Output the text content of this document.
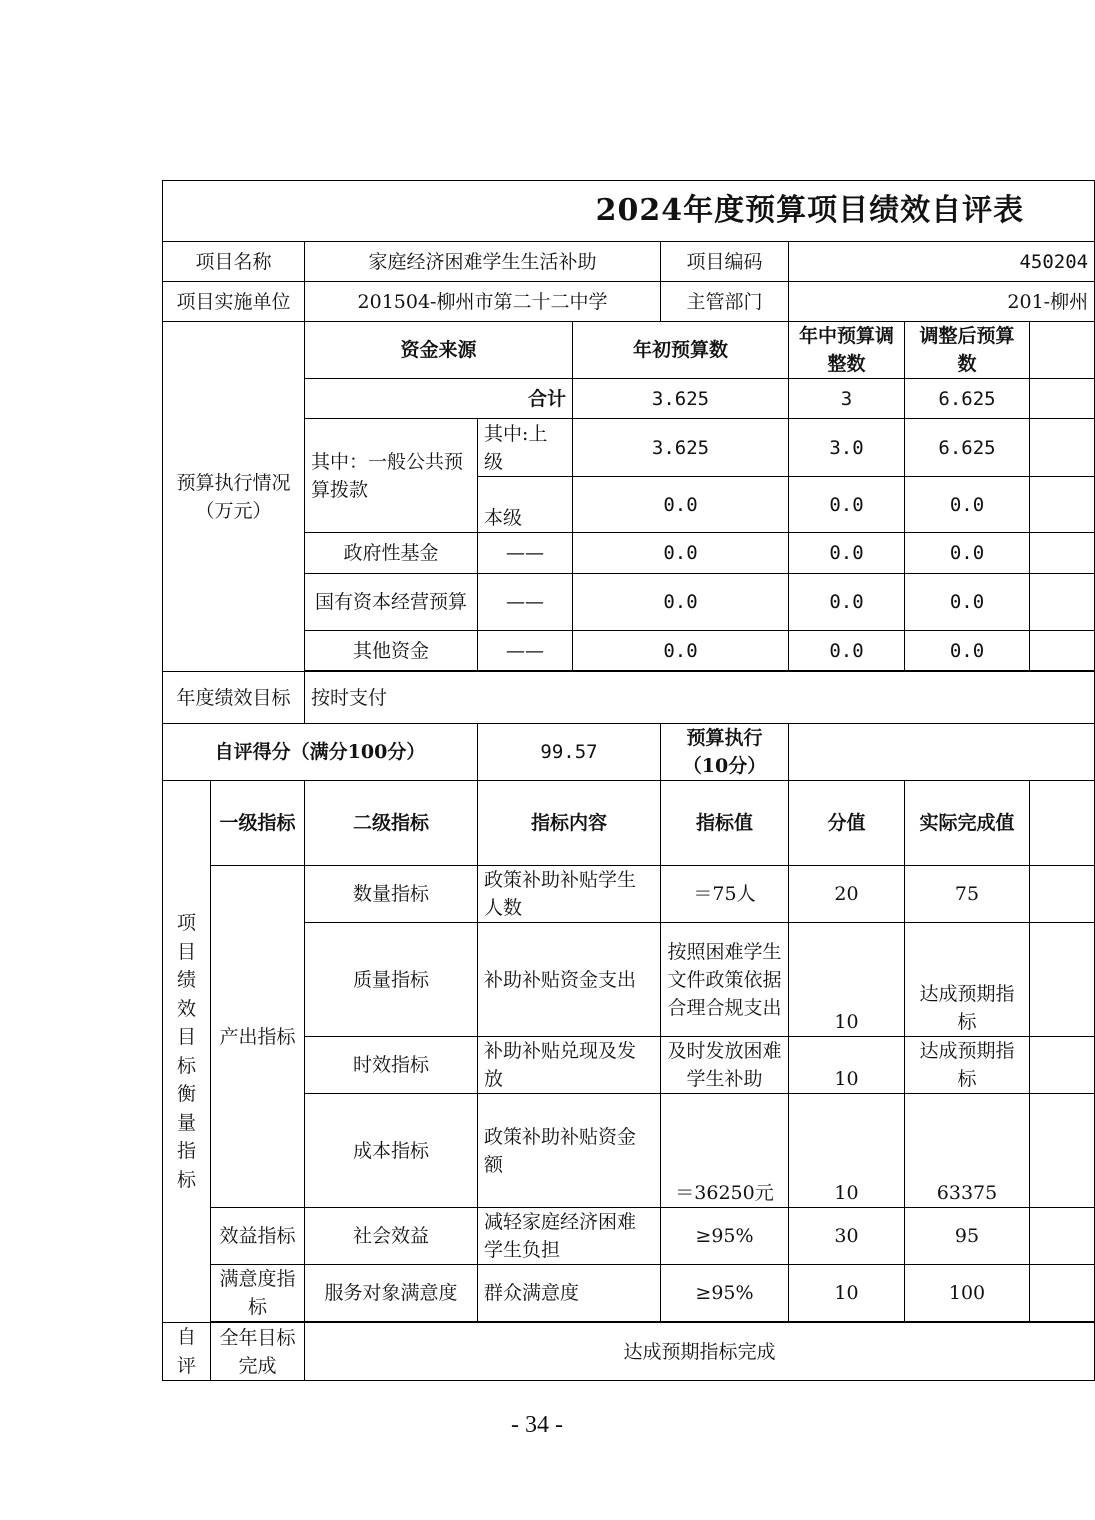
2024年度预算项目绩效自评表								
项目名称		家庭经济困难学生生活补助			项目编码	450204		
项目实施单位		201504-柳州市第二十二中学			主管部门	201-柳州		
预算执行情况（万元）		资金来源		年初预算数		年中预算调整数	调整后预算数	
		合计		3.625		3	6.625	
		其中：一般公共预算拨款	其中:上级	3.625		3.0	6.625	
			本级	0.0		0.0	0.0	
		政府性基金	——	0.0		0.0	0.0	
		国有资本经营预算	——	0.0		0.0	0.0	
		其他资金	——	0.0		0.0	0.0	

年度绩效目标		按时支付						
自评得分（满分100分）			99.57		预算执行（10分）			
项目绩效目标衡量指标	一级指标	二级指标	指标内容		指标值	分值	实际完成值	
	产出指标	数量指标	政策补助补贴学生人数		＝75人	20	75	
		质量指标	补助补贴资金支出		按照困难学生文件政策依据合理合规支出	10	达成预期指标	
		时效指标	补助补贴兑现及发放		及时发放困难学生补助	10	达成预期指标	
		成本指标	政策补助补贴资金额		＝36250元	10	63375	
	效益指标	社会效益	减轻家庭经济困难学生负担		≥95%	30	95	
	满意度指标	服务对象满意度	群众满意度		≥95%	10	100	

自评	全年目标完成	达成预期指标完成						
- 34 -
